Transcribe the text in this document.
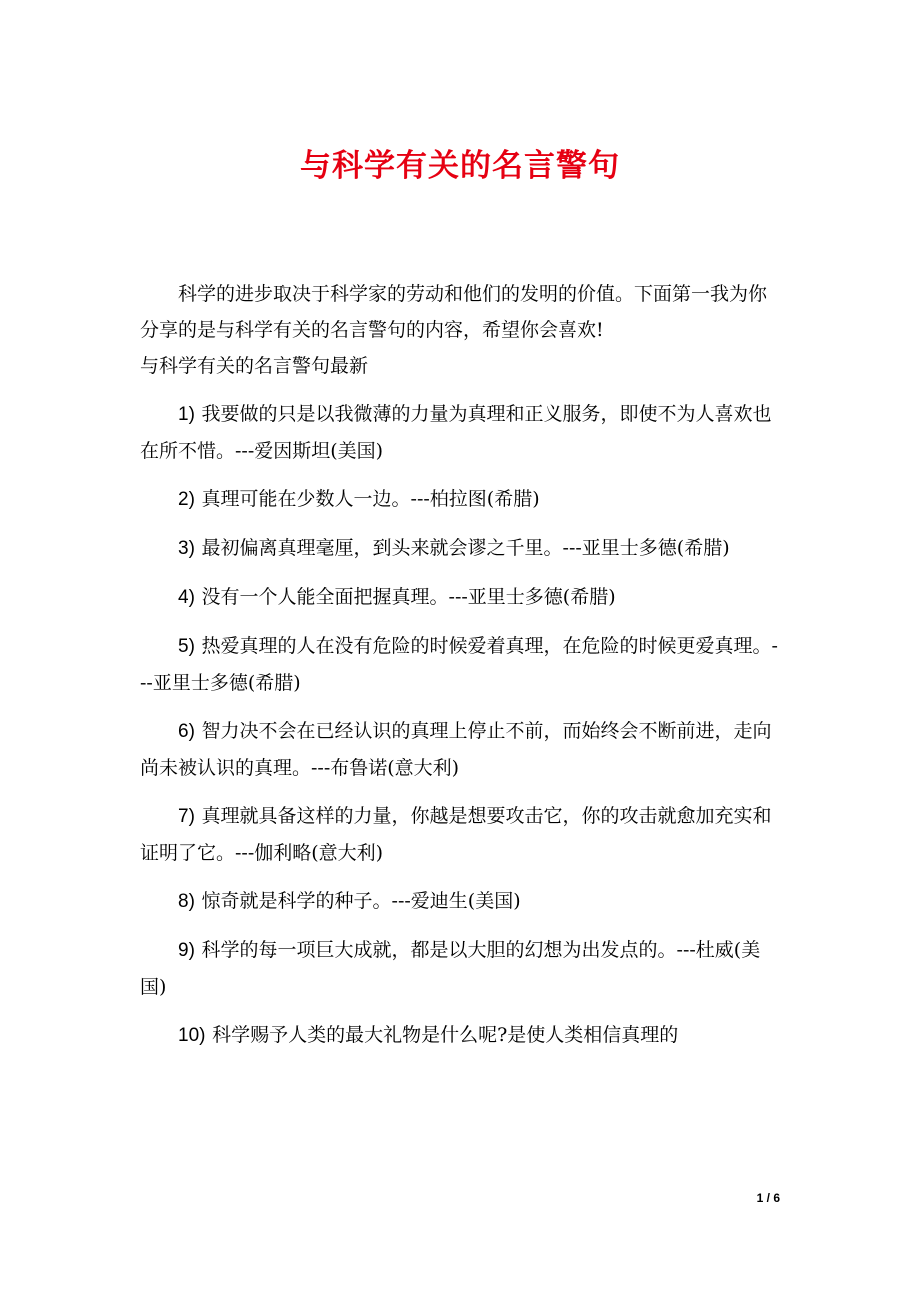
与科学有关的名言警句

科学的进步取决于科学家的劳动和他们的发明的价值。下面第一我为你分享的是与科学有关的名言警句的内容，希望你会喜欢!

与科学有关的名言警句最新

1) 我要做的只是以我微薄的力量为真理和正义服务，即使不为人喜欢也在所不惜。---爱因斯坦(美国)

2) 真理可能在少数人一边。---柏拉图(希腊)

3) 最初偏离真理毫厘，到头来就会谬之千里。---亚里士多德(希腊)

4) 没有一个人能全面把握真理。---亚里士多德(希腊)

5) 热爱真理的人在没有危险的时候爱着真理，在危险的时候更爱真理。---亚里士多德(希腊)

6) 智力决不会在已经认识的真理上停止不前，而始终会不断前进，走向尚未被认识的真理。---布鲁诺(意大利)

7) 真理就具备这样的力量，你越是想要攻击它，你的攻击就愈加充实和证明了它。---伽利略(意大利)

8) 惊奇就是科学的种子。---爱迪生(美国)

9) 科学的每一项巨大成就，都是以大胆的幻想为出发点的。---杜威(美国)

10) 科学赐予人类的最大礼物是什么呢?是使人类相信真理的

1 / 6
